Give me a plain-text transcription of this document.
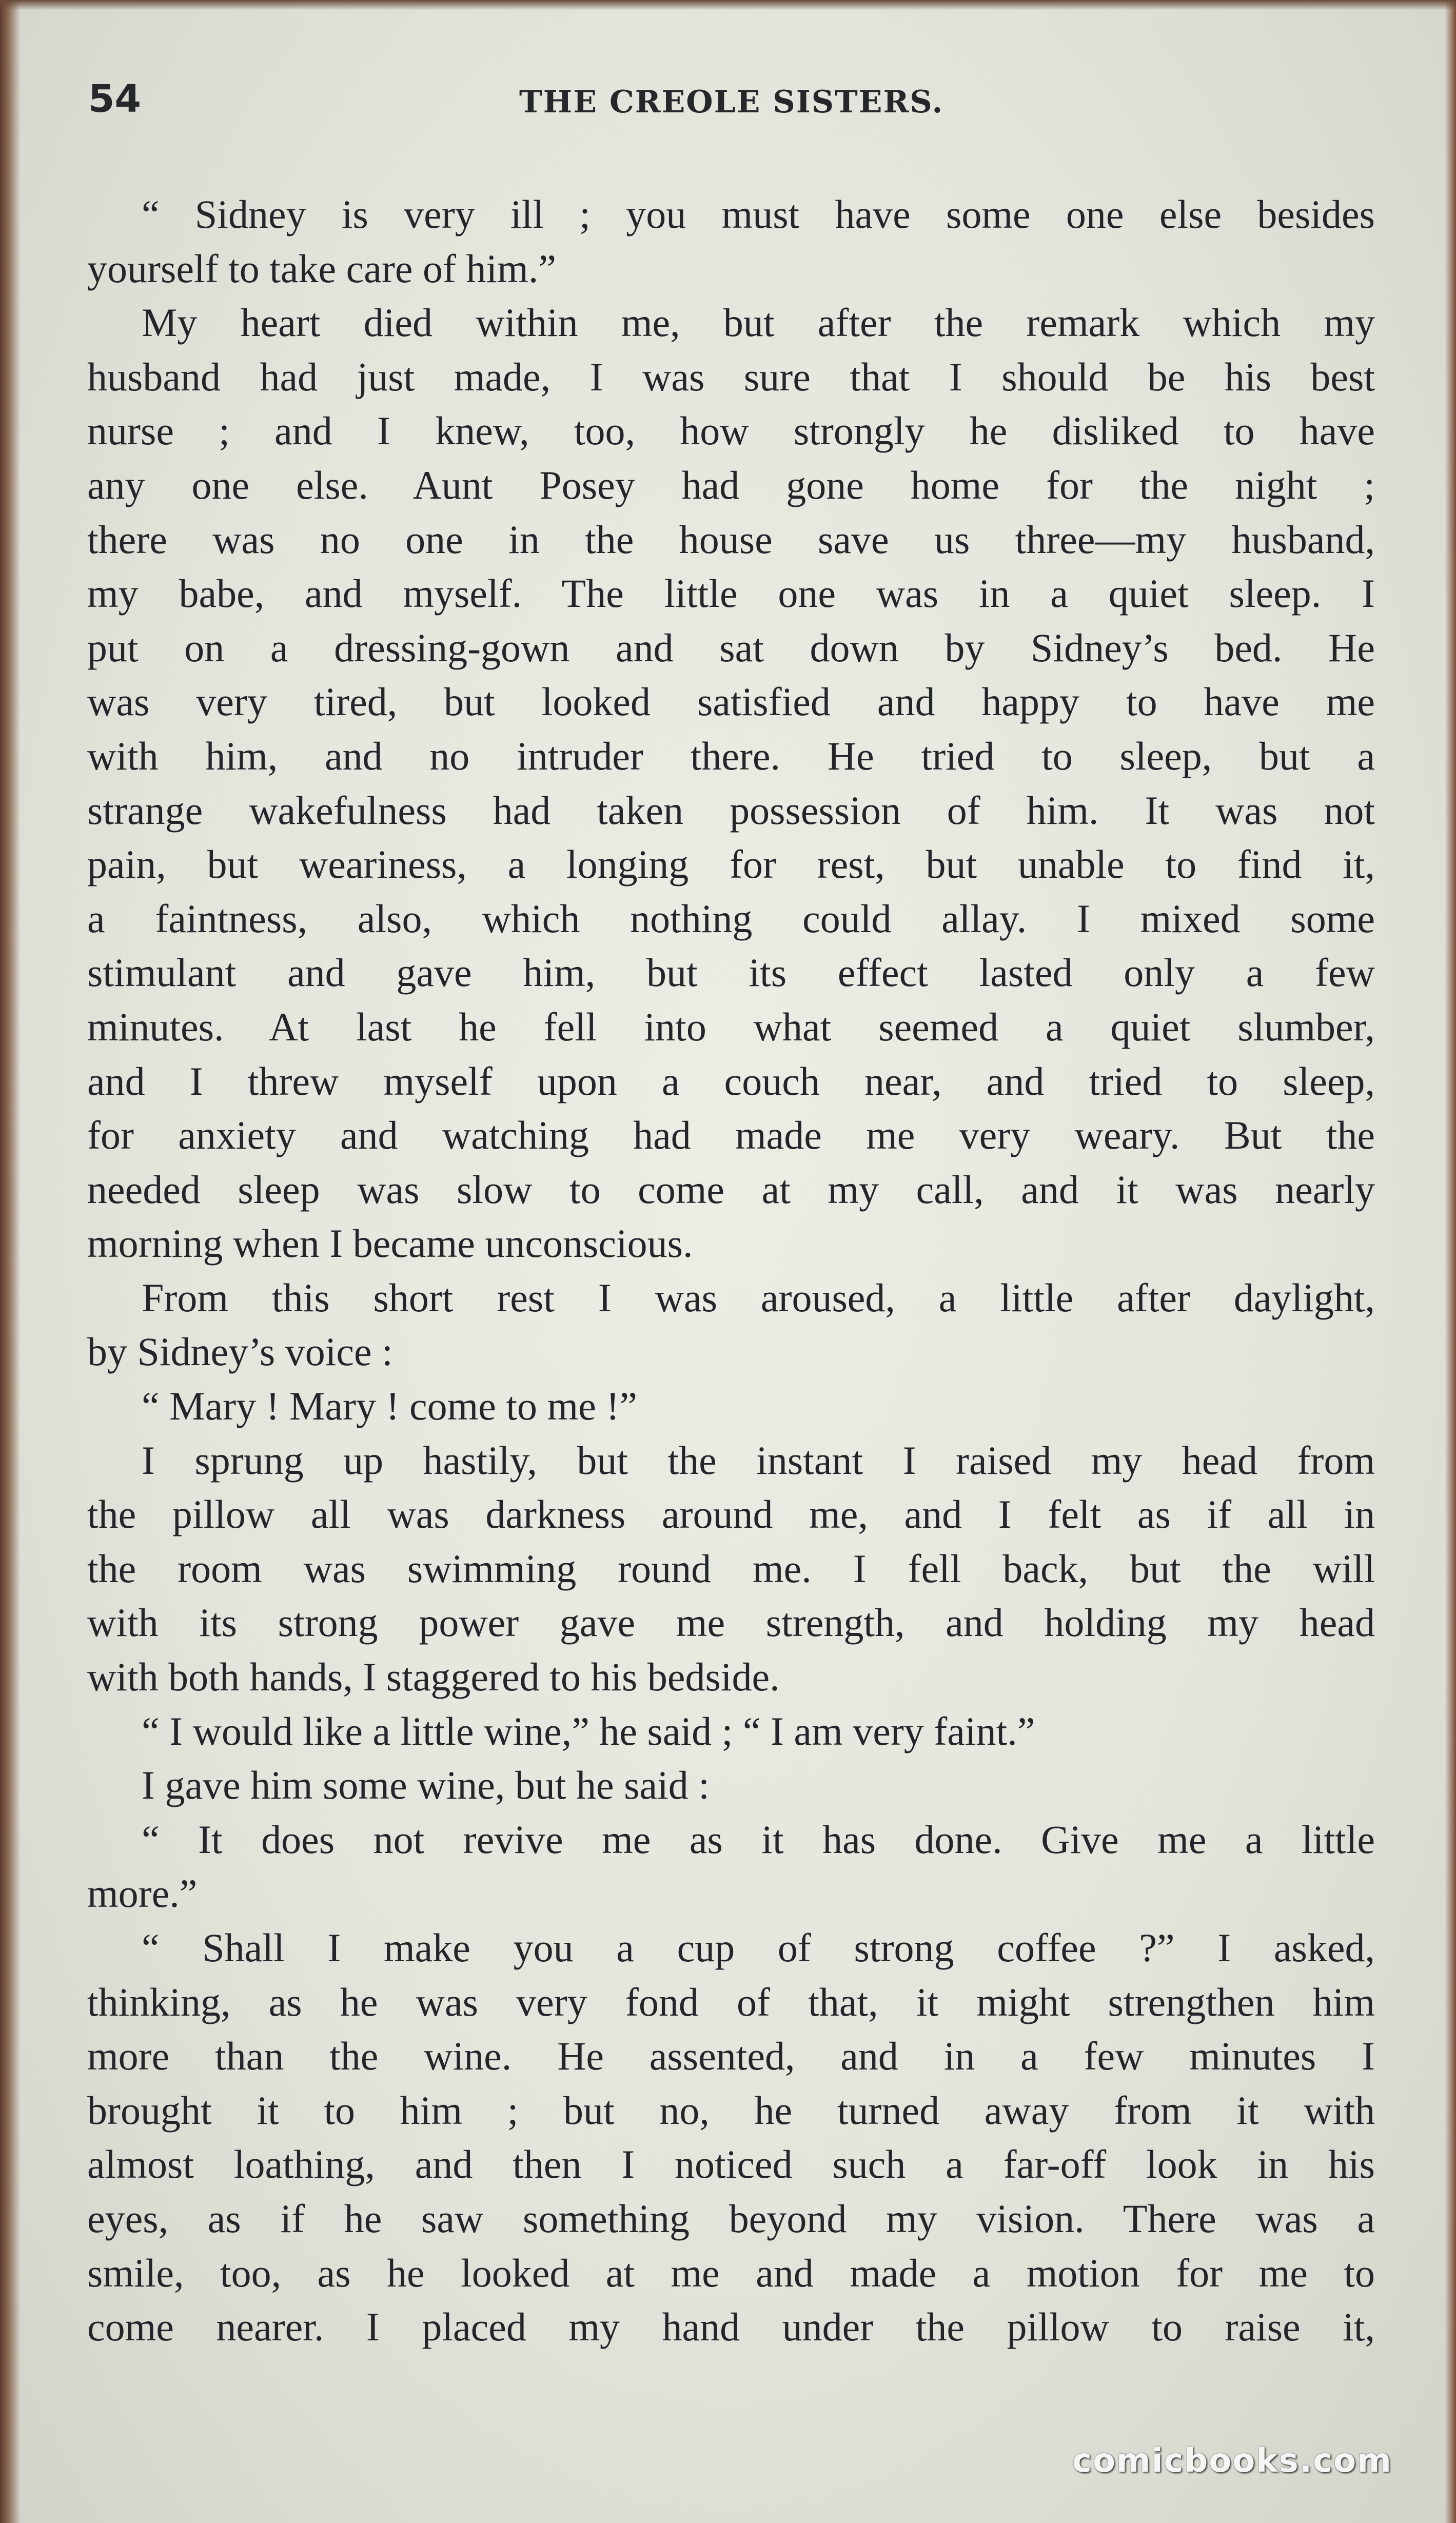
54	THE CREOLE SISTERS.
“ Sidney is very ill ; you must have some one else besides
yourself to take care of him.”
My heart died within me, but after the remark which my
husband had just made, I was sure that I should be his best
nurse ; and I knew, too, how strongly he disliked to have
any one else. Aunt Posey had gone home for the night ;
there was no one in the house save us three—my husband,
my babe, and myself. The little one was in a quiet sleep. I
put on a dressing-gown and sat down by Sidney’s bed. He
was very tired, but looked satisfied and happy to have me
with him, and no intruder there. He tried to sleep, but a
strange wakefulness had taken possession of him. It was not
pain, but weariness, a longing for rest, but unable to find it,
a faintness, also, which nothing could allay. I mixed some
stimulant and gave him, but its effect lasted only a few
minutes. At last he fell into what seemed a quiet slumber,
and I threw myself upon a couch near, and tried to sleep,
for anxiety and watching had made me very weary. But the
needed sleep was slow to come at my call, and it was nearly
morning when I became unconscious.
From this short rest I was aroused, a little after daylight,
by Sidney’s voice :
“ Mary ! Mary ! come to me !”
I sprung up hastily, but the instant I raised my head from
the pillow all was darkness around me, and I felt as if all in
the room was swimming round me. I fell back, but the will
with its strong power gave me strength, and holding my head
with both hands, I staggered to his bedside.
“ I would like a little wine,” he said ; “ I am very faint.”
I gave him some wine, but he said :
“ It does not revive me as it has done. Give me a little
more.”
“ Shall I make you a cup of strong coffee ?” I asked,
thinking, as he was very fond of that, it might strengthen him
more than the wine. He assented, and in a few minutes I
brought it to him ; but no, he turned away from it with
almost loathing, and then I noticed such a far-off look in his
eyes, as if he saw something beyond my vision. There was a
smile, too, as he looked at me and made a motion for me to
come nearer. I placed my hand under the pillow to raise it,
comicbooks.com
